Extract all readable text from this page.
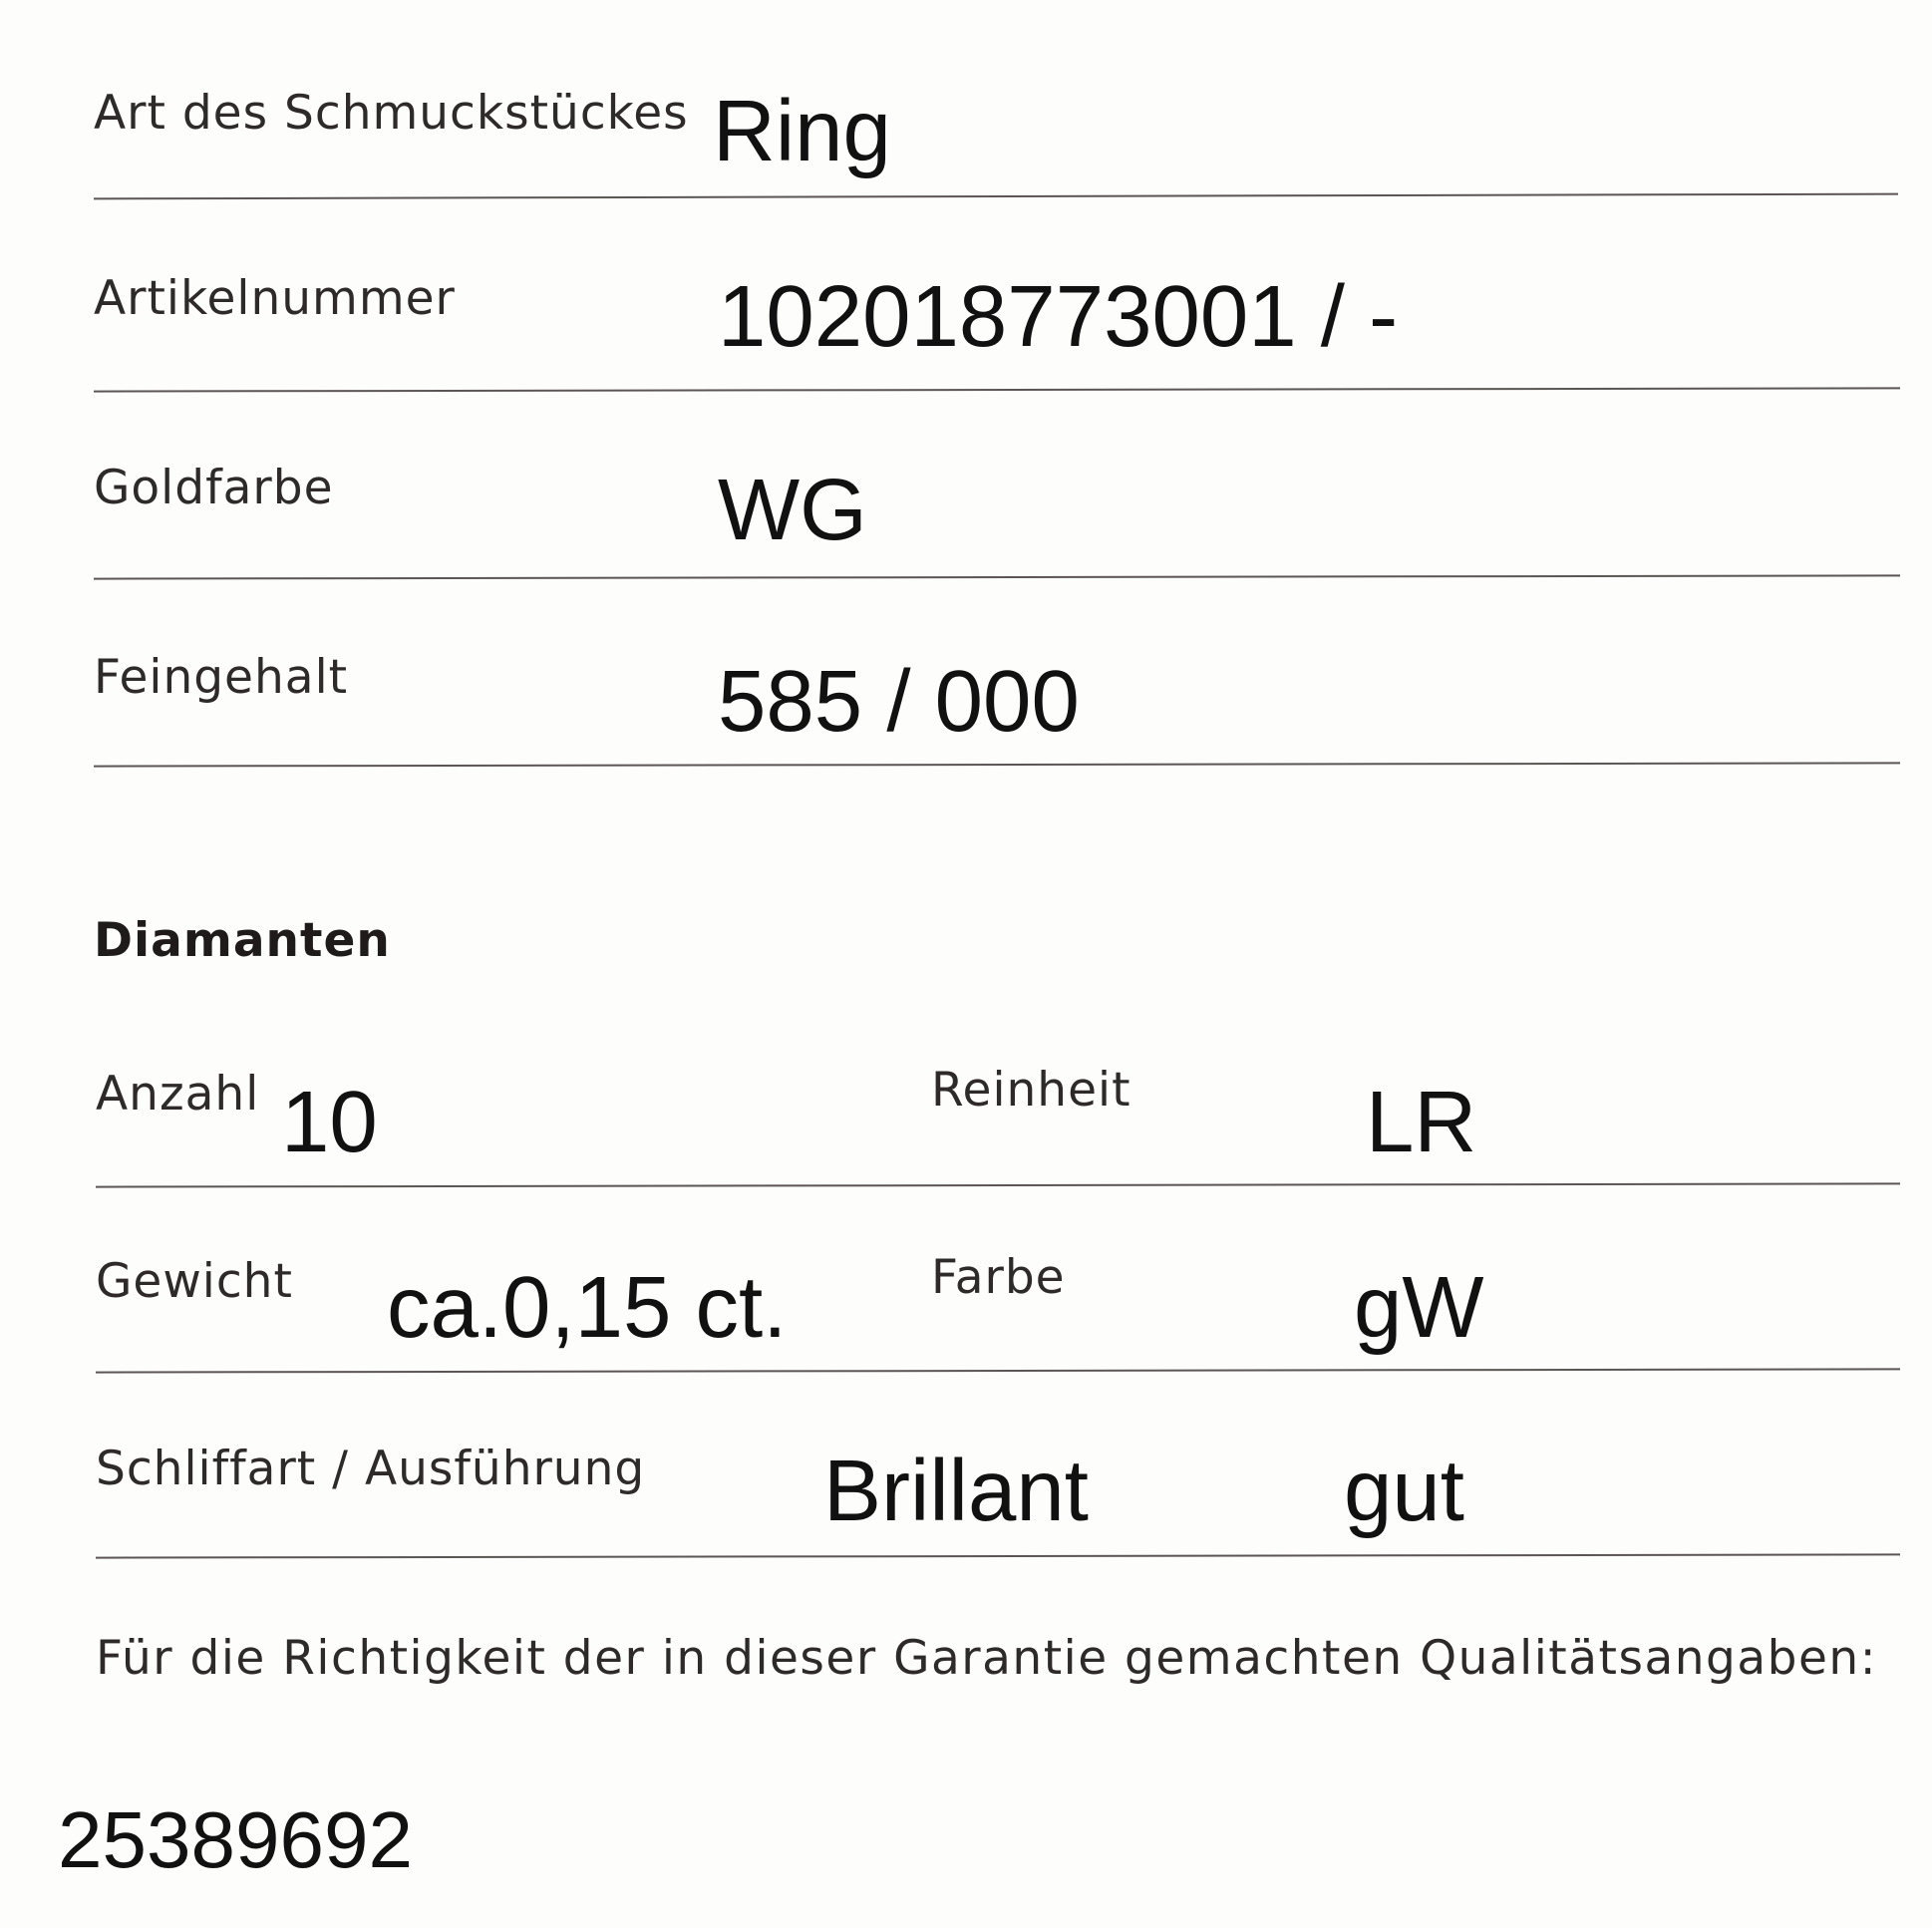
Art des Schmuckstückes Ring
Artikelnummer	102018773001 / -
Goldfarbe	WG
Feingehalt	585 / 000
Diamanten
Anzahl 10	Reinheit	LR
Gewicht ca.0,15 ct.	Farbe	gW
Schliffart / Ausführung Brillant	gut
Für die Richtigkeit der in dieser Garantie gemachten Qualitätsangaben:
25389692
